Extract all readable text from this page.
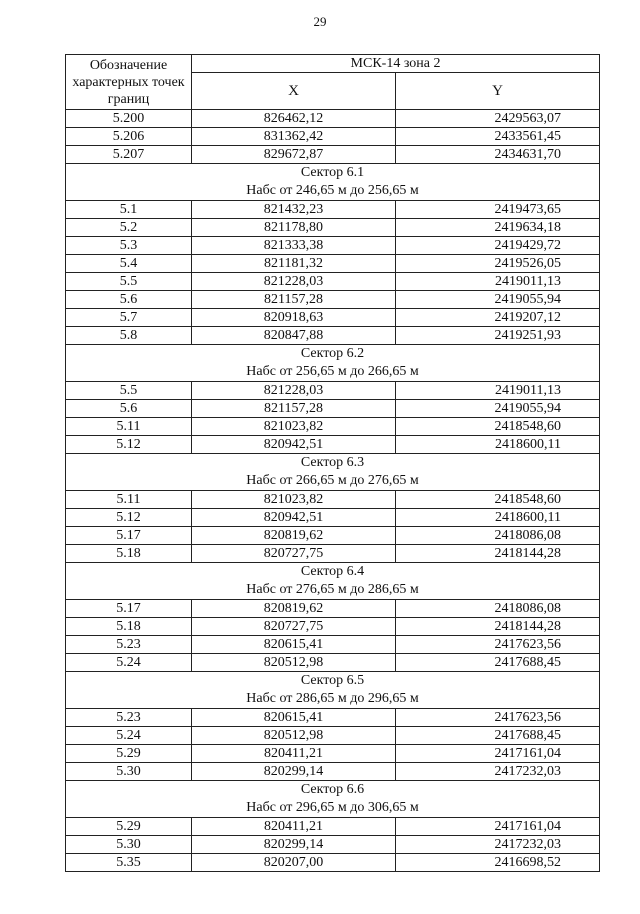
29
Обозначение характерных точек границ	МСК-14 зона 2	
	X	Y
5.200	826462,12	2429563,07
5.206	831362,42	2433561,45
5.207	829672,87	2434631,70

Сектор 6.1
Набс от 246,65 м до 256,65 м		

5.1	821432,23	2419473,65
5.2	821178,80	2419634,18
5.3	821333,38	2419429,72
5.4	821181,32	2419526,05
5.5	821228,03	2419011,13
5.6	821157,28	2419055,94
5.7	820918,63	2419207,12
5.8	820847,88	2419251,93

Сектор 6.2
Набс от 256,65 м до 266,65 м		

5.5	821228,03	2419011,13
5.6	821157,28	2419055,94
5.11	821023,82	2418548,60
5.12	820942,51	2418600,11

Сектор 6.3
Набс от 266,65 м до 276,65 м		

5.11	821023,82	2418548,60
5.12	820942,51	2418600,11
5.17	820819,62	2418086,08
5.18	820727,75	2418144,28

Сектор 6.4
Набс от 276,65 м до 286,65 м		

5.17	820819,62	2418086,08
5.18	820727,75	2418144,28
5.23	820615,41	2417623,56
5.24	820512,98	2417688,45

Сектор 6.5
Набс от 286,65 м до 296,65 м		

5.23	820615,41	2417623,56
5.24	820512,98	2417688,45
5.29	820411,21	2417161,04
5.30	820299,14	2417232,03

Сектор 6.6
Набс от 296,65 м до 306,65 м		

5.29	820411,21	2417161,04
5.30	820299,14	2417232,03
5.35	820207,00	2416698,52
